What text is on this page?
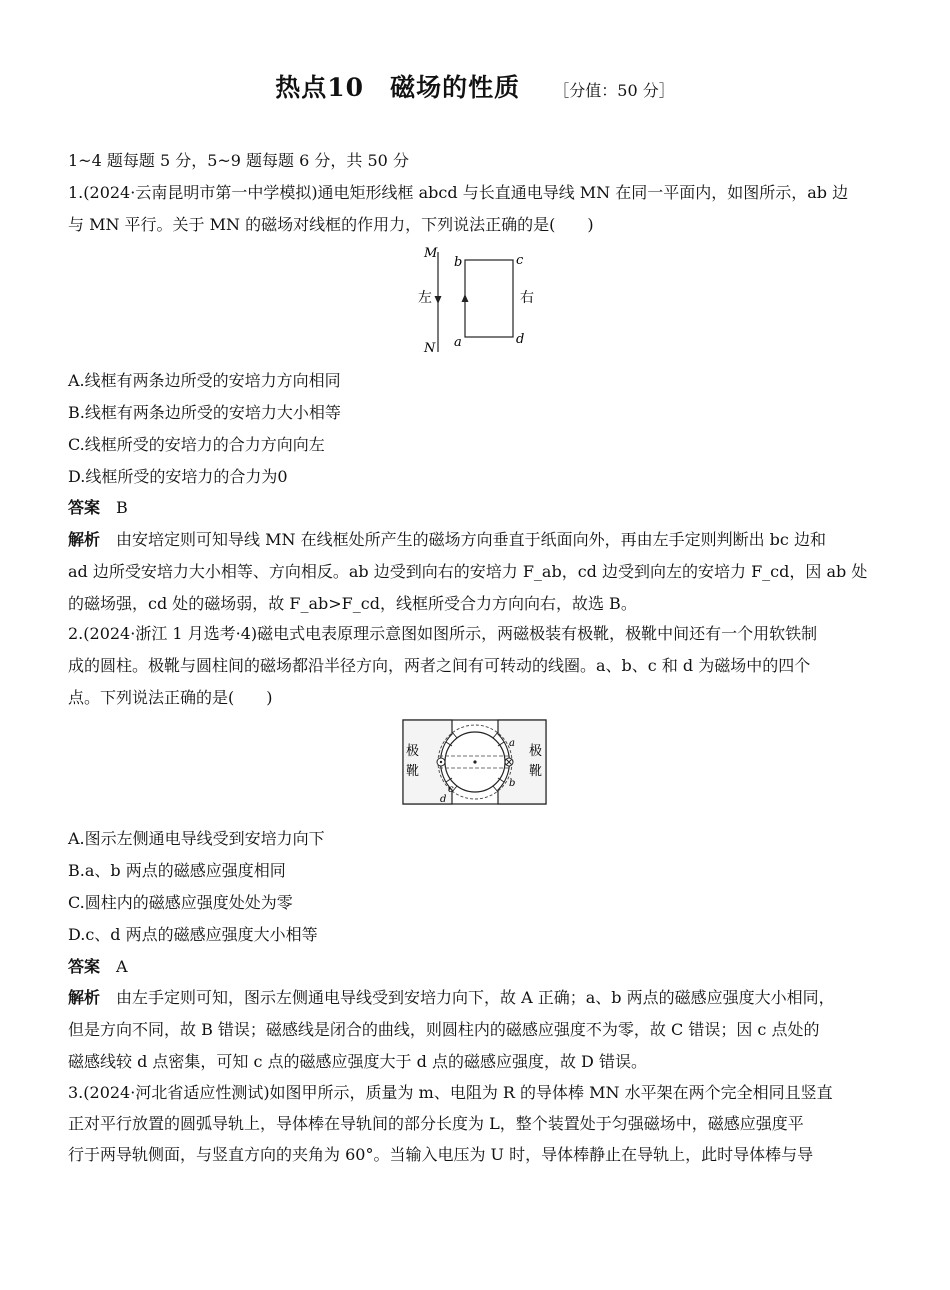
热点10　磁场的性质 ［分值：50 分］
1~4 题每题 5 分，5~9 题每题 6 分，共 50 分
1.(2024·云南昆明市第一中学模拟)通电矩形线框 abcd 与长直通电导线 MN 在同一平面内，如图所示，ab 边
与 MN 平行。关于 MN 的磁场对线框的作用力，下列说法正确的是(　　)
M
N
左
b	c
a	d
右
A.线框有两条边所受的安培力方向相同
B.线框有两条边所受的安培力大小相等
C.线框所受的安培力的合力方向向左
D.线框所受的安培力的合力为0
答案 B
解析 由安培定则可知导线 MN 在线框处所产生的磁场方向垂直于纸面向外，再由左手定则判断出 bc 边和
ad 边所受安培力大小相等、方向相反。ab 边受到向右的安培力 F_ab，cd 边受到向左的安培力 F_cd，因 ab 处
的磁场强，cd 处的磁场弱，故 F_ab>F_cd，线框所受合力方向向右，故选 B。
2.(2024·浙江 1 月选考·4)磁电式电表原理示意图如图所示，两磁极装有极靴，极靴中间还有一个用软铁制
成的圆柱。极靴与圆柱间的磁场都沿半径方向，两者之间有可转动的线圈。a、b、c 和 d 为磁场中的四个
点。下列说法正确的是(　　)
极
靴
极
靴
a
b
c
d
A.图示左侧通电导线受到安培力向下
B.a、b 两点的磁感应强度相同
C.圆柱内的磁感应强度处处为零
D.c、d 两点的磁感应强度大小相等
答案 A
解析 由左手定则可知，图示左侧通电导线受到安培力向下，故 A 正确；a、b 两点的磁感应强度大小相同，
但是方向不同，故 B 错误；磁感线是闭合的曲线，则圆柱内的磁感应强度不为零，故 C 错误；因 c 点处的
磁感线较 d 点密集，可知 c 点的磁感应强度大于 d 点的磁感应强度，故 D 错误。
3.(2024·河北省适应性测试)如图甲所示，质量为 m、电阻为 R 的导体棒 MN 水平架在两个完全相同且竖直
正对平行放置的圆弧导轨上，导体棒在导轨间的部分长度为 L，整个装置处于匀强磁场中，磁感应强度平
行于两导轨侧面，与竖直方向的夹角为 60°。当输入电压为 U 时，导体棒静止在导轨上，此时导体棒与导
